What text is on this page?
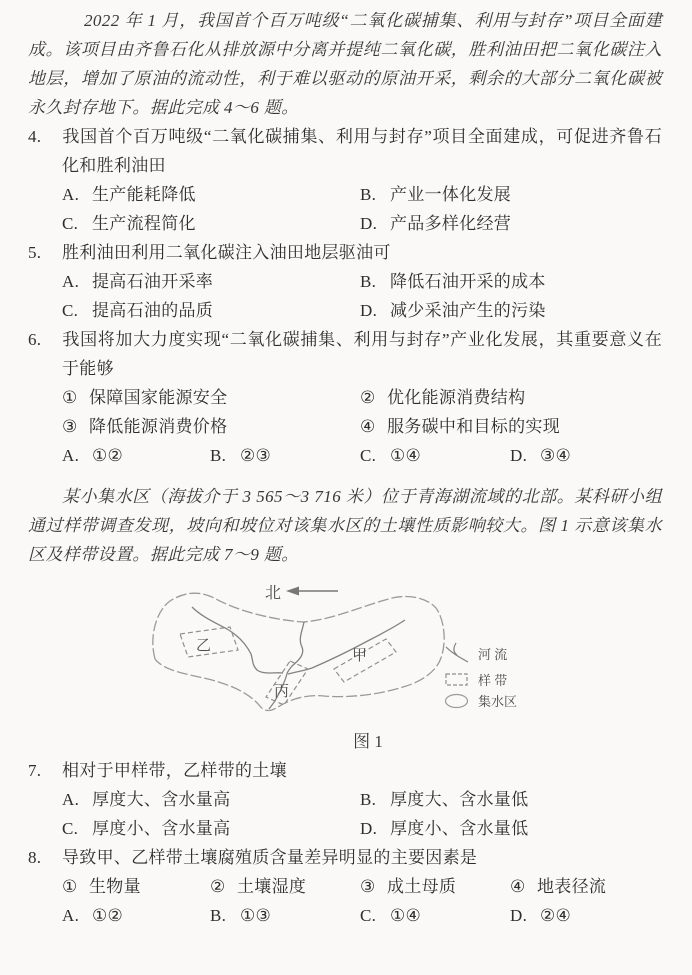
2022 年 1 月，我国首个百万吨级“二氧化碳捕集、利用与封存”项目全面建成。该项目由齐鲁石化从排放源中分离并提纯二氧化碳，胜利油田把二氧化碳注入地层，增加了原油的流动性，利于难以驱动的原油开采，剩余的大部分二氧化碳被永久封存地下。据此完成 4～6 题。

4. 我国首个百万吨级“二氧化碳捕集、利用与封存”项目全面建成，可促进齐鲁石化和胜利油田
A. 生产能耗降低	B. 产业一体化发展
C. 生产流程简化	D. 产品多样化经营
5. 胜利油田利用二氧化碳注入油田地层驱油可
A. 提高石油开采率	B. 降低石油开采的成本
C. 提高石油的品质	D. 减少采油产生的污染
6. 我国将加大力度实现“二氧化碳捕集、利用与封存”产业化发展，其重要意义在于能够
① 保障国家能源安全	② 优化能源消费结构
③ 降低能源消费价格	④ 服务碳中和目标的实现
A. ①②	B. ②③	C. ①④	D. ③④

某小集水区（海拔介于 3 565～3 716 米）位于青海湖流域的北部。某科研小组通过样带调查发现，坡向和坡位对该集水区的土壤性质影响较大。图 1 示意该集水区及样带设置。据此完成 7～9 题。

北
乙
甲
丙
河 流
样 带
集水区
图 1
7. 相对于甲样带，乙样带的土壤
A. 厚度大、含水量高	B. 厚度大、含水量低
C. 厚度小、含水量高	D. 厚度小、含水量低
8. 导致甲、乙样带土壤腐殖质含量差异明显的主要因素是
① 生物量	② 土壤湿度	③ 成土母质	④ 地表径流
A. ①②	B. ①③	C. ①④	D. ②④
